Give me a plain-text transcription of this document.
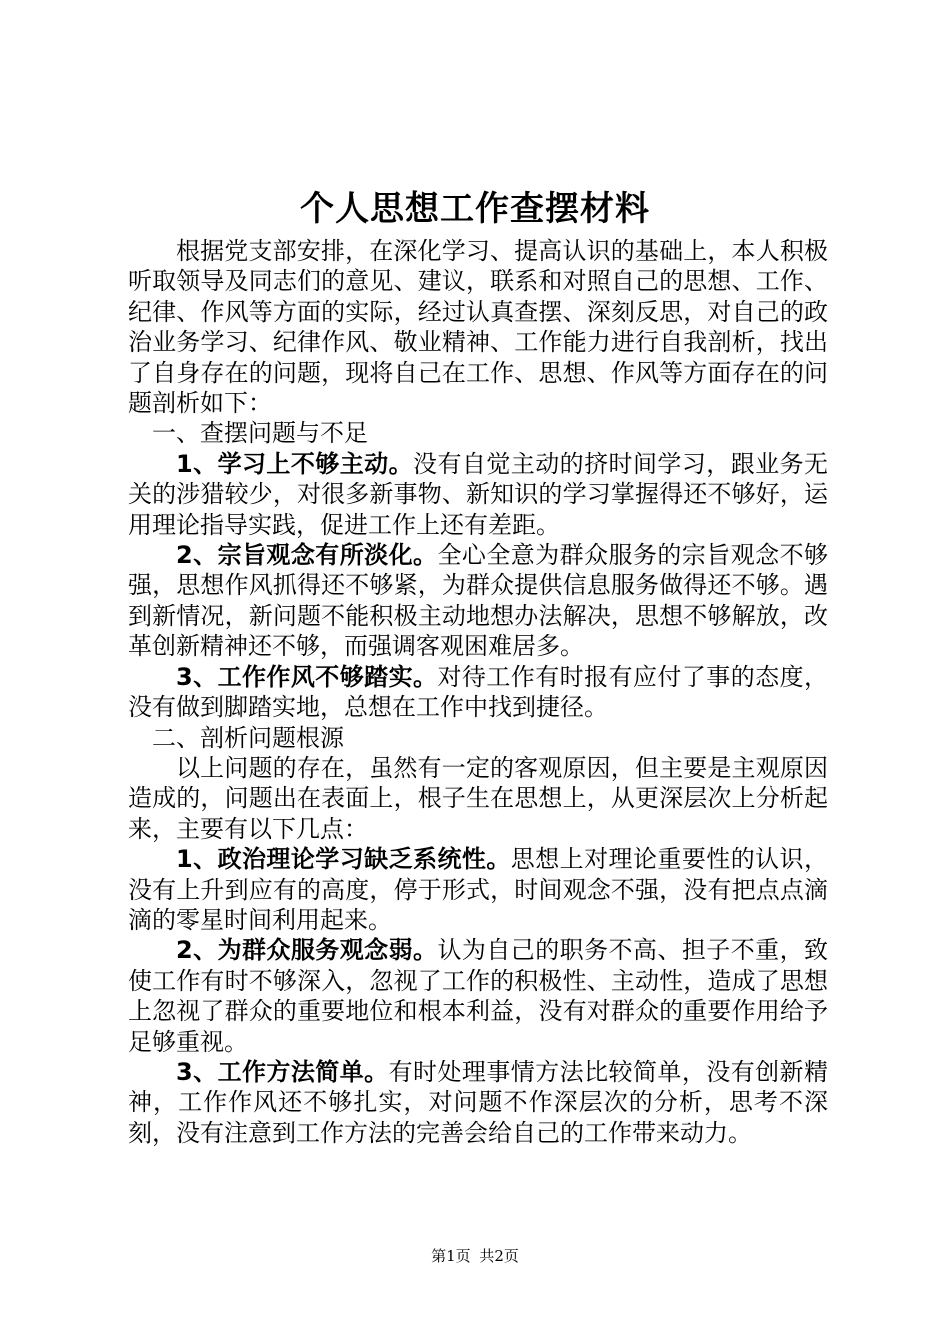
个人思想工作查摆材料

根据党支部安排，在深化学习、提高认识的基础上，本人积极听取领导及同志们的意见、建议，联系和对照自己的思想、工作、纪律、作风等方面的实际，经过认真查摆、深刻反思，对自己的政治业务学习、纪律作风、敬业精神、工作能力进行自我剖析，找出了自身存在的问题，现将自己在工作、思想、作风等方面存在的问题剖析如下：

一、查摆问题与不足

1、学习上不够主动。没有自觉主动的挤时间学习，跟业务无关的涉猎较少，对很多新事物、新知识的学习掌握得还不够好，运用理论指导实践，促进工作上还有差距。

2、宗旨观念有所淡化。全心全意为群众服务的宗旨观念不够强，思想作风抓得还不够紧，为群众提供信息服务做得还不够。遇到新情况，新问题不能积极主动地想办法解决，思想不够解放，改革创新精神还不够，而强调客观困难居多。

3、工作作风不够踏实。对待工作有时报有应付了事的态度，没有做到脚踏实地，总想在工作中找到捷径。

二、剖析问题根源

以上问题的存在，虽然有一定的客观原因，但主要是主观原因造成的，问题出在表面上，根子生在思想上，从更深层次上分析起来，主要有以下几点：

1、政治理论学习缺乏系统性。思想上对理论重要性的认识，没有上升到应有的高度，停于形式，时间观念不强，没有把点点滴滴的零星时间利用起来。

2、为群众服务观念弱。认为自己的职务不高、担子不重，致使工作有时不够深入，忽视了工作的积极性、主动性，造成了思想上忽视了群众的重要地位和根本利益，没有对群众的重要作用给予足够重视。

3、工作方法简单。有时处理事情方法比较简单，没有创新精神，工作作风还不够扎实，对问题不作深层次的分析，思考不深刻，没有注意到工作方法的完善会给自己的工作带来动力。

第1页 共2页
